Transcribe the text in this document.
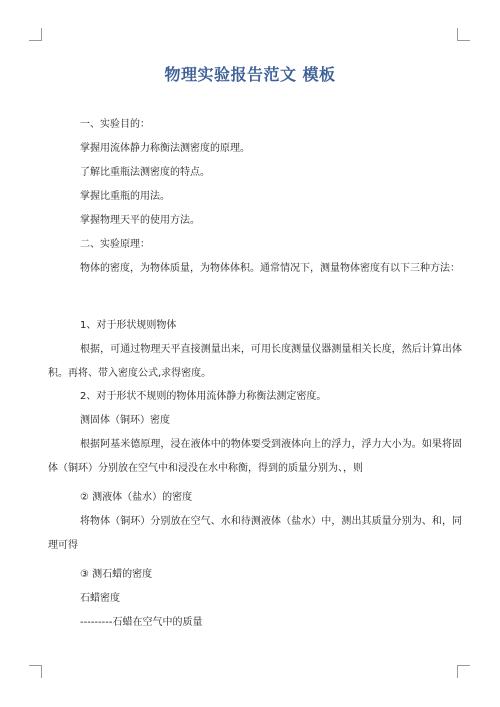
物理实验报告范文 模板
一、实验目的：
掌握用流体静力称衡法测密度的原理。
了解比重瓶法测密度的特点。
掌握比重瓶的用法。
掌握物理天平的使用方法。
二、实验原理：
物体的密度，为物体质量，为物体体积。通常情况下，测量物体密度有以下三种方法：
1、对于形状规则物体
根据，可通过物理天平直接测量出来，可用长度测量仪器测量相关长度，然后计算出体积。再将、带入密度公式,求得密度。
2、对于形状不规则的物体用流体静力称衡法测定密度。
测固体（铜环）密度
根据阿基米德原理，浸在液体中的物体要受到液体向上的浮力，浮力大小为。如果将固体（铜环）分别放在空气中和浸没在水中称衡，得到的质量分别为、，则
② 测液体（盐水）的密度
将物体（铜环）分别放在空气、水和待测液体（盐水）中，测出其质量分别为、和，同理可得
③ 测石蜡的密度
石蜡密度
---------石蜡在空气中的质量
